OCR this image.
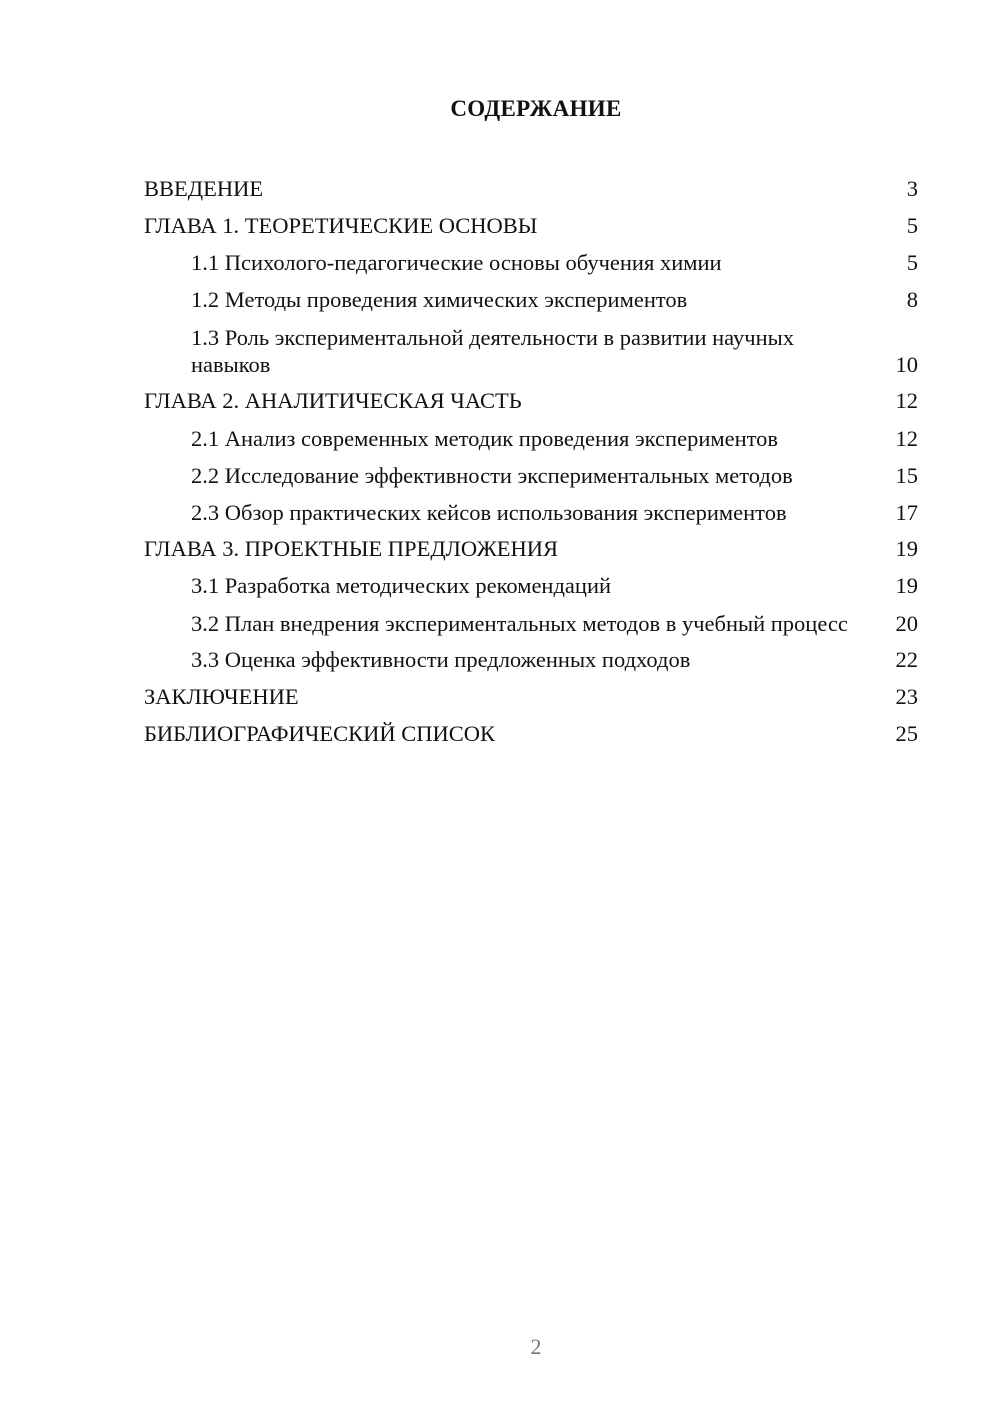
СОДЕРЖАНИЕ
ВВЕДЕНИЕ	3
ГЛАВА 1. ТЕОРЕТИЧЕСКИЕ ОСНОВЫ	5
1.1 Психолого-педагогические основы обучения химии	5
1.2 Методы проведения химических экспериментов	8
1.3 Роль экспериментальной деятельности в развитии научных навыков	10
ГЛАВА 2. АНАЛИТИЧЕСКАЯ ЧАСТЬ	12
2.1 Анализ современных методик проведения экспериментов	12
2.2 Исследование эффективности экспериментальных методов	15
2.3 Обзор практических кейсов использования экспериментов	17
ГЛАВА 3. ПРОЕКТНЫЕ ПРЕДЛОЖЕНИЯ	19
3.1 Разработка методических рекомендаций	19
3.2 План внедрения экспериментальных методов в учебный процесс	20
3.3 Оценка эффективности предложенных подходов	22
ЗАКЛЮЧЕНИЕ	23
БИБЛИОГРАФИЧЕСКИЙ СПИСОК	25
2
